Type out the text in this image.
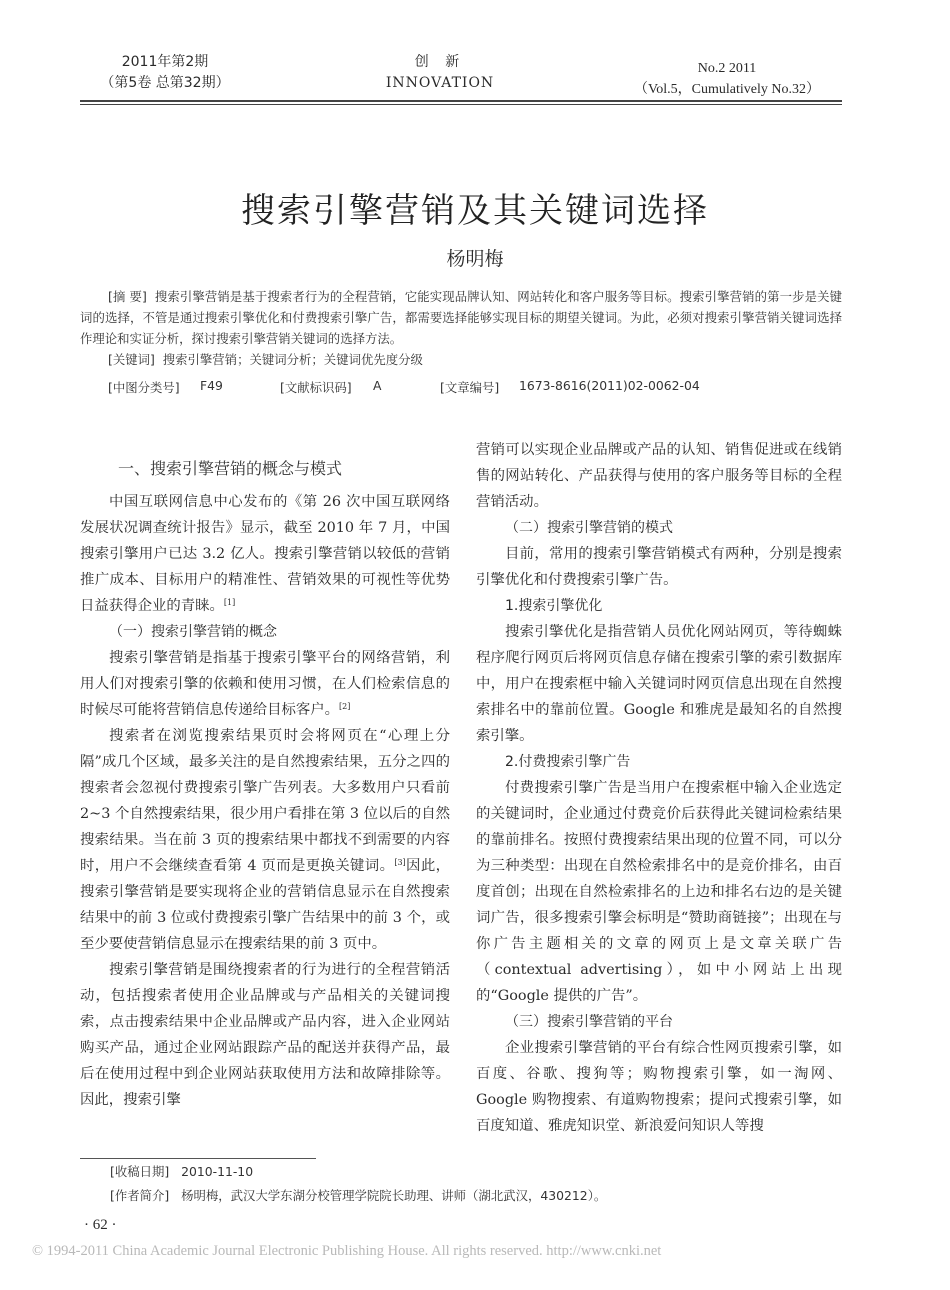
2011年第2期
（第5卷 总第32期）
创 新
INNOVATION
No.2 2011
（Vol.5，Cumulatively No.32）
搜索引擎营销及其关键词选择
杨明梅

[摘 要] 搜索引擎营销是基于搜索者行为的全程营销，它能实现品牌认知、网站转化和客户服务等目标。搜索引擎营销的第一步是关键词的选择，不管是通过搜索引擎优化和付费搜索引擎广告，都需要选择能够实现目标的期望关键词。为此，必须对搜索引擎营销关键词选择作理论和实证分析，探讨搜索引擎营销关键词的选择方法。

[关键词] 搜索引擎营销；关键词分析；关键词优先度分级

[中图分类号] F49	[文献标识码] A	[文章编号] 1673-8616(2011)02-0062-04
一、搜索引擎营销的概念与模式

中国互联网信息中心发布的《第 26 次中国互联网络发展状况调查统计报告》显示，截至 2010 年 7 月，中国搜索引擎用户已达 3.2 亿人。搜索引擎营销以较低的营销推广成本、目标用户的精准性、营销效果的可视性等优势日益获得企业的青睐。[1]

（一）搜索引擎营销的概念

搜索引擎营销是指基于搜索引擎平台的网络营销，利用人们对搜索引擎的依赖和使用习惯，在人们检索信息的时候尽可能将营销信息传递给目标客户。[2]

搜索者在浏览搜索结果页时会将网页在“心理上分隔”成几个区域，最多关注的是自然搜索结果，五分之四的搜索者会忽视付费搜索引擎广告列表。大多数用户只看前 2~3 个自然搜索结果，很少用户看排在第 3 位以后的自然搜索结果。当在前 3 页的搜索结果中都找不到需要的内容时，用户不会继续查看第 4 页而是更换关键词。[3]因此，搜索引擎营销是要实现将企业的营销信息显示在自然搜索结果中的前 3 位或付费搜索引擎广告结果中的前 3 个，或至少要使营销信息显示在搜索结果的前 3 页中。

搜索引擎营销是围绕搜索者的行为进行的全程营销活动，包括搜索者使用企业品牌或与产品相关的关键词搜索，点击搜索结果中企业品牌或产品内容，进入企业网站购买产品，通过企业网站跟踪产品的配送并获得产品，最后在使用过程中到企业网站获取使用方法和故障排除等。因此，搜索引擎

营销可以实现企业品牌或产品的认知、销售促进或在线销售的网站转化、产品获得与使用的客户服务等目标的全程营销活动。

（二）搜索引擎营销的模式

目前，常用的搜索引擎营销模式有两种，分别是搜索引擎优化和付费搜索引擎广告。

1.搜索引擎优化

搜索引擎优化是指营销人员优化网站网页，等待蜘蛛程序爬行网页后将网页信息存储在搜索引擎的索引数据库中，用户在搜索框中输入关键词时网页信息出现在自然搜索排名中的靠前位置。Google 和雅虎是最知名的自然搜索引擎。

2.付费搜索引擎广告

付费搜索引擎广告是当用户在搜索框中输入企业选定的关键词时，企业通过付费竞价后获得此关键词检索结果的靠前排名。按照付费搜索结果出现的位置不同，可以分为三种类型：出现在自然检索排名中的是竞价排名，由百度首创；出现在自然检索排名的上边和排名右边的是关键词广告，很多搜索引擎会标明是“赞助商链接”；出现在与你广告主题相关的文章的网页上是文章关联广告（contextual advertising），如中小网站上出现的“Google 提供的广告”。

（三）搜索引擎营销的平台

企业搜索引擎营销的平台有综合性网页搜索引擎，如百度、谷歌、搜狗等；购物搜索引擎，如一淘网、Google 购物搜索、有道购物搜索；提问式搜索引擎，如百度知道、雅虎知识堂、新浪爱问知识人等搜

[收稿日期] 2010-11-10
[作者简介] 杨明梅，武汉大学东湖分校管理学院院长助理、讲师（湖北武汉，430212）。
· 62 ·
© 1994-2011 China Academic Journal Electronic Publishing House. All rights reserved. http://www.cnki.net
